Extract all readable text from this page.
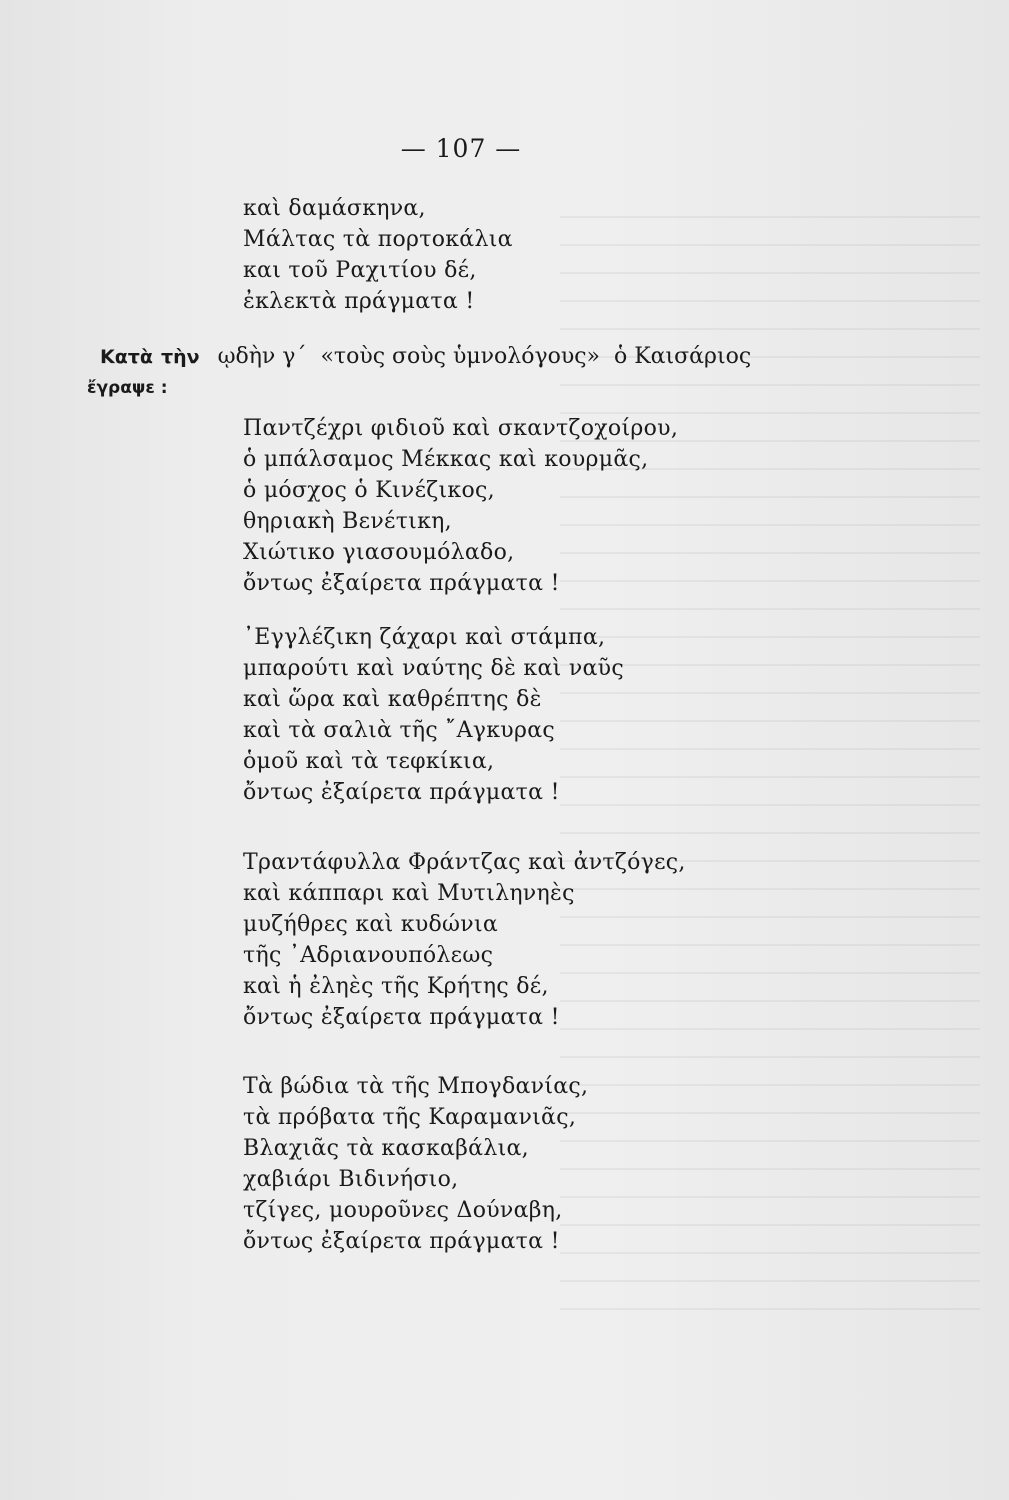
— 107 —
καὶ δαμάσκηνα,
Μάλτας τὰ πορτοκάλια
και τοῦ Ραχιτίου δέ,
ἐκλεκτὰ πράγματα !
Κατὰ τὴν ῳδὴν γ΄ «τοὺς σοὺς ὑμνολόγους» ὁ Καισάριος
ἔγραψε :
Παντζέχρι φιδιοῦ καὶ σκαντζοχοίρου,
ὁ μπάλσαμος Μέκκας καὶ κουρμᾶς,
ὁ μόσχος ὁ Κινέζικος,
θηριακὴ Βενέτικη,
Χιώτικο γιασουμόλαδο,
ὄντως ἐξαίρετα πράγματα !
᾿Εγγλέζικη ζάχαρι καὶ στάμπα,
μπαρούτι καὶ ναύτης δὲ καὶ ναῦς
καὶ ὥρα καὶ καθρέπτης δὲ
καὶ τὰ σαλιὰ τῆς ῎Αγκυρας
ὁμοῦ καὶ τὰ τεφκίκια,
ὄντως ἐξαίρετα πράγματα !
Τραντάφυλλα Φράντζας καὶ ἀντζόγες,
καὶ κάππαρι καὶ Μυτιληνηὲς
μυζήθρες καὶ κυδώνια
τῆς ᾿Αδριανουπόλεως
καὶ ἡ ἐληὲς τῆς Κρήτης δέ,
ὄντως ἐξαίρετα πράγματα !
Τὰ βώδια τὰ τῆς Μπογδανίας,
τὰ πρόβατα τῆς Καραμανιᾶς,
Βλαχιᾶς τὰ κασκαβάλια,
χαβιάρι Βιδινήσιο,
τζίγες, μουροῦνες Δούναβη,
ὄντως ἐξαίρετα πράγματα !
